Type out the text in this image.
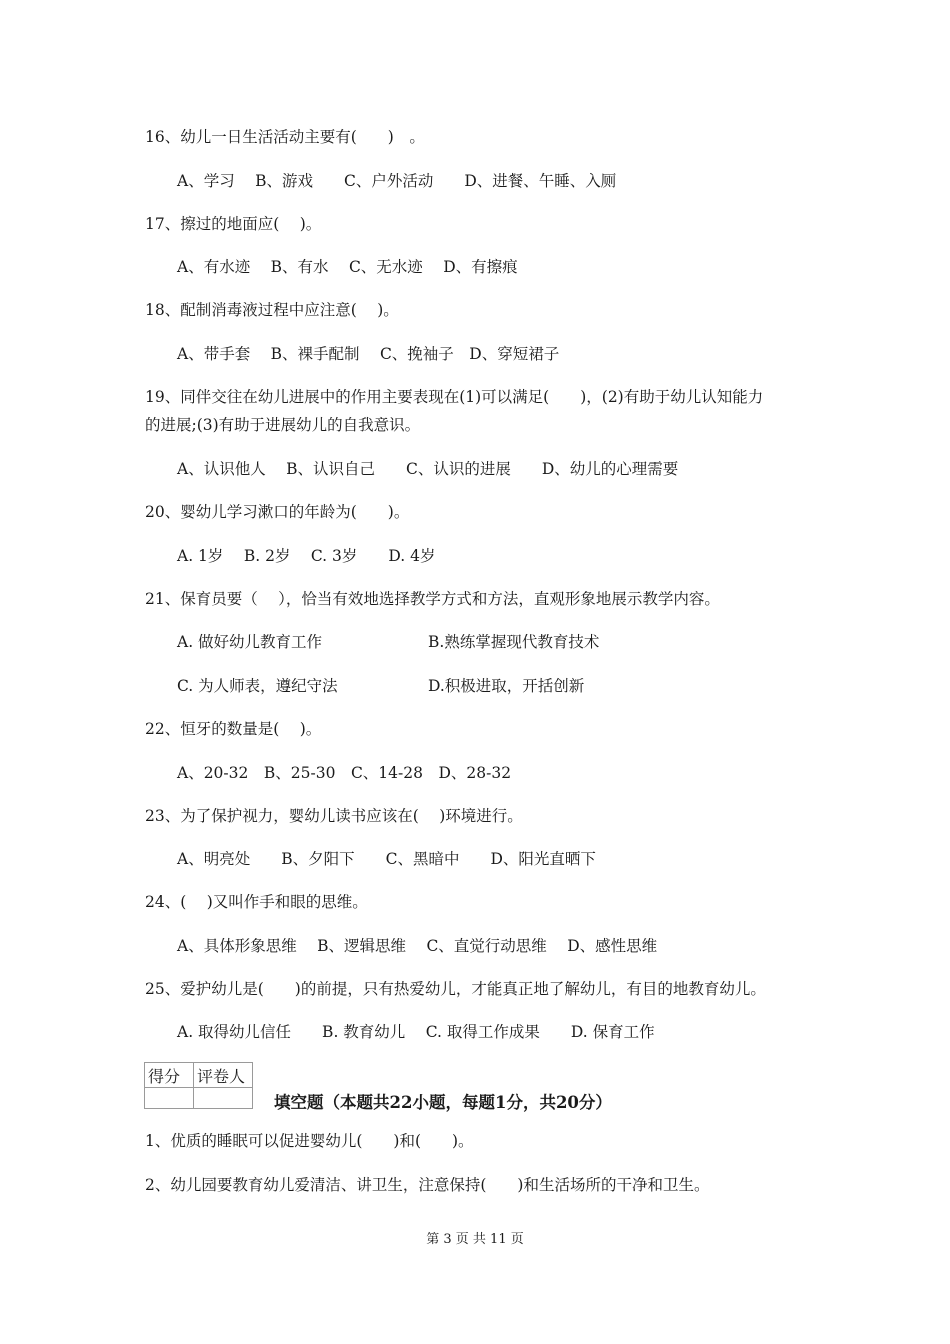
16、幼儿一日生活活动主要有(　　)　。
A、学习　 B、游戏　　C、户外活动　　D、进餐、午睡、入厕
17、擦过的地面应(　 )。
A、有水迹　 B、有水　 C、无水迹　 D、有擦痕
18、配制消毒液过程中应注意(　 )。
A、带手套　 B、裸手配制　 C、挽袖子　D、穿短裙子
19、同伴交往在幼儿进展中的作用主要表现在(1)可以满足(　　)，(2)有助于幼儿认知能力
的进展;(3)有助于进展幼儿的自我意识。
A、认识他人　 B、认识自己　　C、认识的进展　　D、幼儿的心理需要
20、婴幼儿学习漱口的年龄为(　　)。
A. 1岁　 B. 2岁　 C. 3岁　　D. 4岁
21、保育员要（　 ），恰当有效地选择教学方式和方法，直观形象地展示教学内容。
A. 做好幼儿教育工作	B.熟练掌握现代教育技术
C. 为人师表，遵纪守法	D.积极进取，开括创新
22、恒牙的数量是(　 )。
A、20-32　B、25-30　C、14-28　D、28-32
23、为了保护视力，婴幼儿读书应该在(　 )环境进行。
A、明亮处　　B、夕阳下　　C、黑暗中　　D、阳光直晒下
24、(　 )又叫作手和眼的思维。
A、具体形象思维　 B、逻辑思维　 C、直觉行动思维　 D、感性思维
25、爱护幼儿是(　　)的前提，只有热爱幼儿，才能真正地了解幼儿，有目的地教育幼儿。
A. 取得幼儿信任　　B. 教育幼儿　 C. 取得工作成果　　D. 保育工作
得分	评卷人

填空题（本题共22小题，每题1分，共20分）
1、优质的睡眠可以促进婴幼儿(　　)和(　　)。
2、幼儿园要教育幼儿爱清洁、讲卫生，注意保持(　　)和生活场所的干净和卫生。
第 3 页 共 11 页
